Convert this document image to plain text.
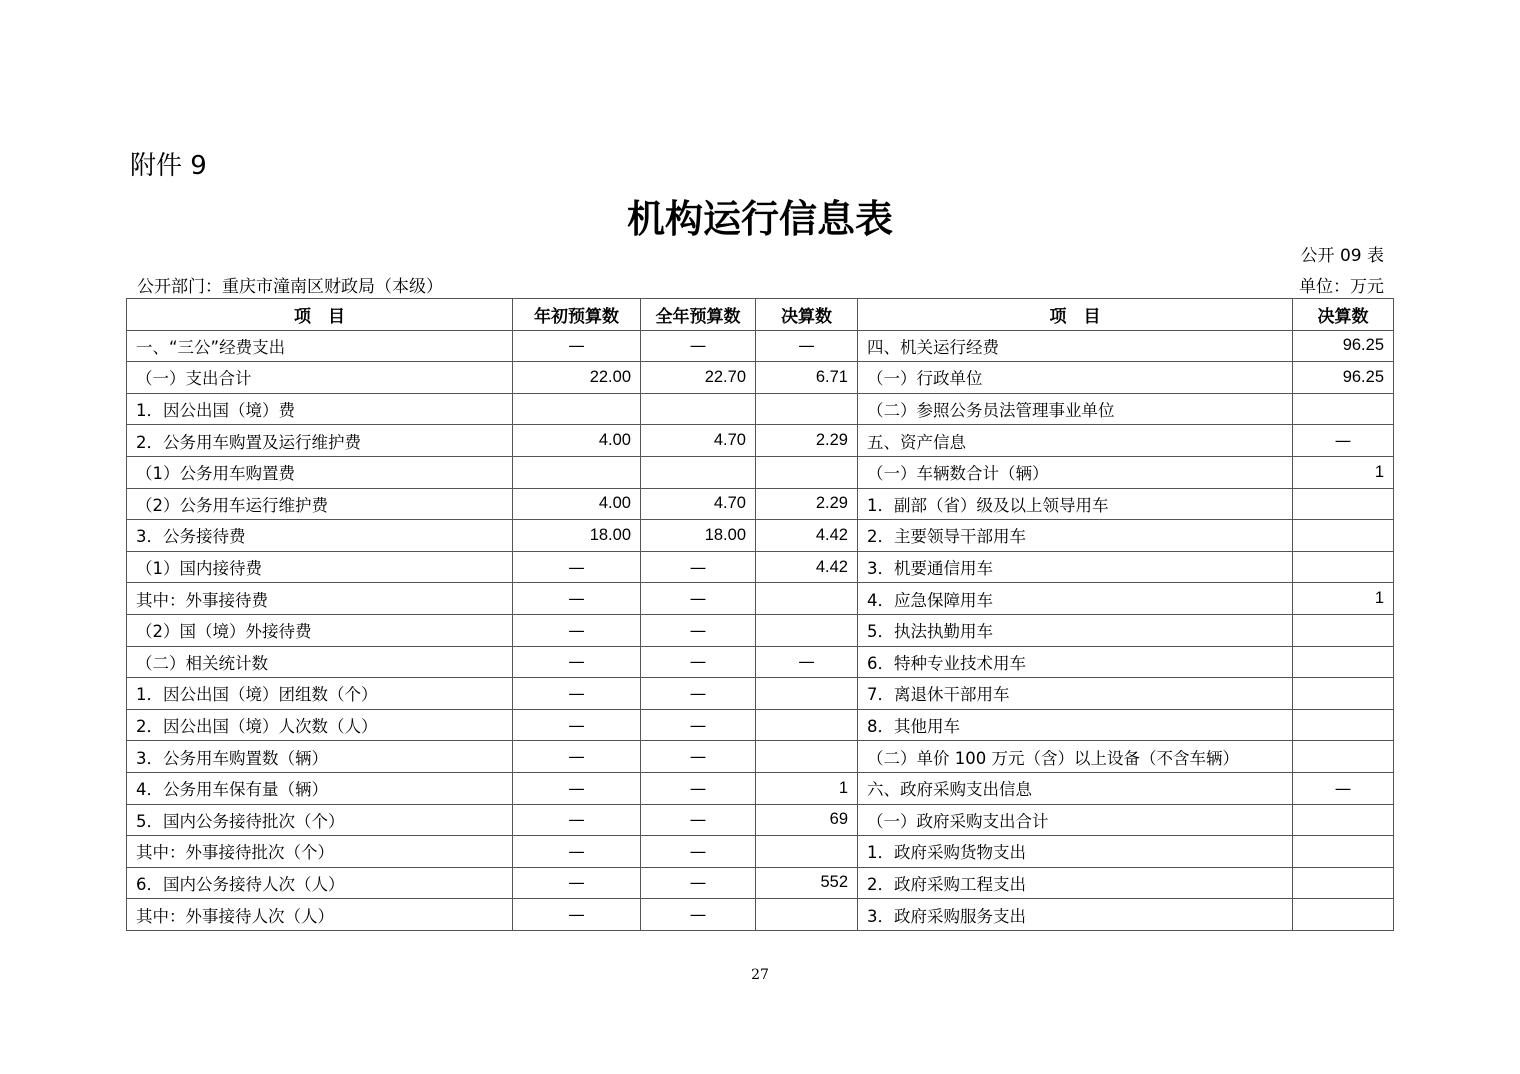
附件 9
机构运行信息表
公开 09 表
公开部门：重庆市潼南区财政局（本级）	单位：万元
项　目	年初预算数	全年预算数	决算数	项　目	决算数
一、“三公”经费支出	—	—	—	四、机关运行经费	96.25
（一）支出合计	22.00	22.70	6.71	（一）行政单位	96.25
1．因公出国（境）费				（二）参照公务员法管理事业单位	
2．公务用车购置及运行维护费	4.00	4.70	2.29	五、资产信息	—
（1）公务用车购置费				（一）车辆数合计（辆）	1
（2）公务用车运行维护费	4.00	4.70	2.29	1．副部（省）级及以上领导用车	
3．公务接待费	18.00	18.00	4.42	2．主要领导干部用车	
（1）国内接待费	—	—	4.42	3．机要通信用车	
其中：外事接待费	—	—		4．应急保障用车	1
（2）国（境）外接待费	—	—		5．执法执勤用车	
（二）相关统计数	—	—	—	6．特种专业技术用车	
1．因公出国（境）团组数（个）	—	—		7．离退休干部用车	
2．因公出国（境）人次数（人）	—	—		8．其他用车	
3．公务用车购置数（辆）	—	—		（二）单价 100 万元（含）以上设备（不含车辆）	
4．公务用车保有量（辆）	—	—	1	六、政府采购支出信息	—
5．国内公务接待批次（个）	—	—	69	（一）政府采购支出合计	
其中：外事接待批次（个）	—	—		1．政府采购货物支出	
6．国内公务接待人次（人）	—	—	552	2．政府采购工程支出	
其中：外事接待人次（人）	—	—		3．政府采购服务支出	
27
